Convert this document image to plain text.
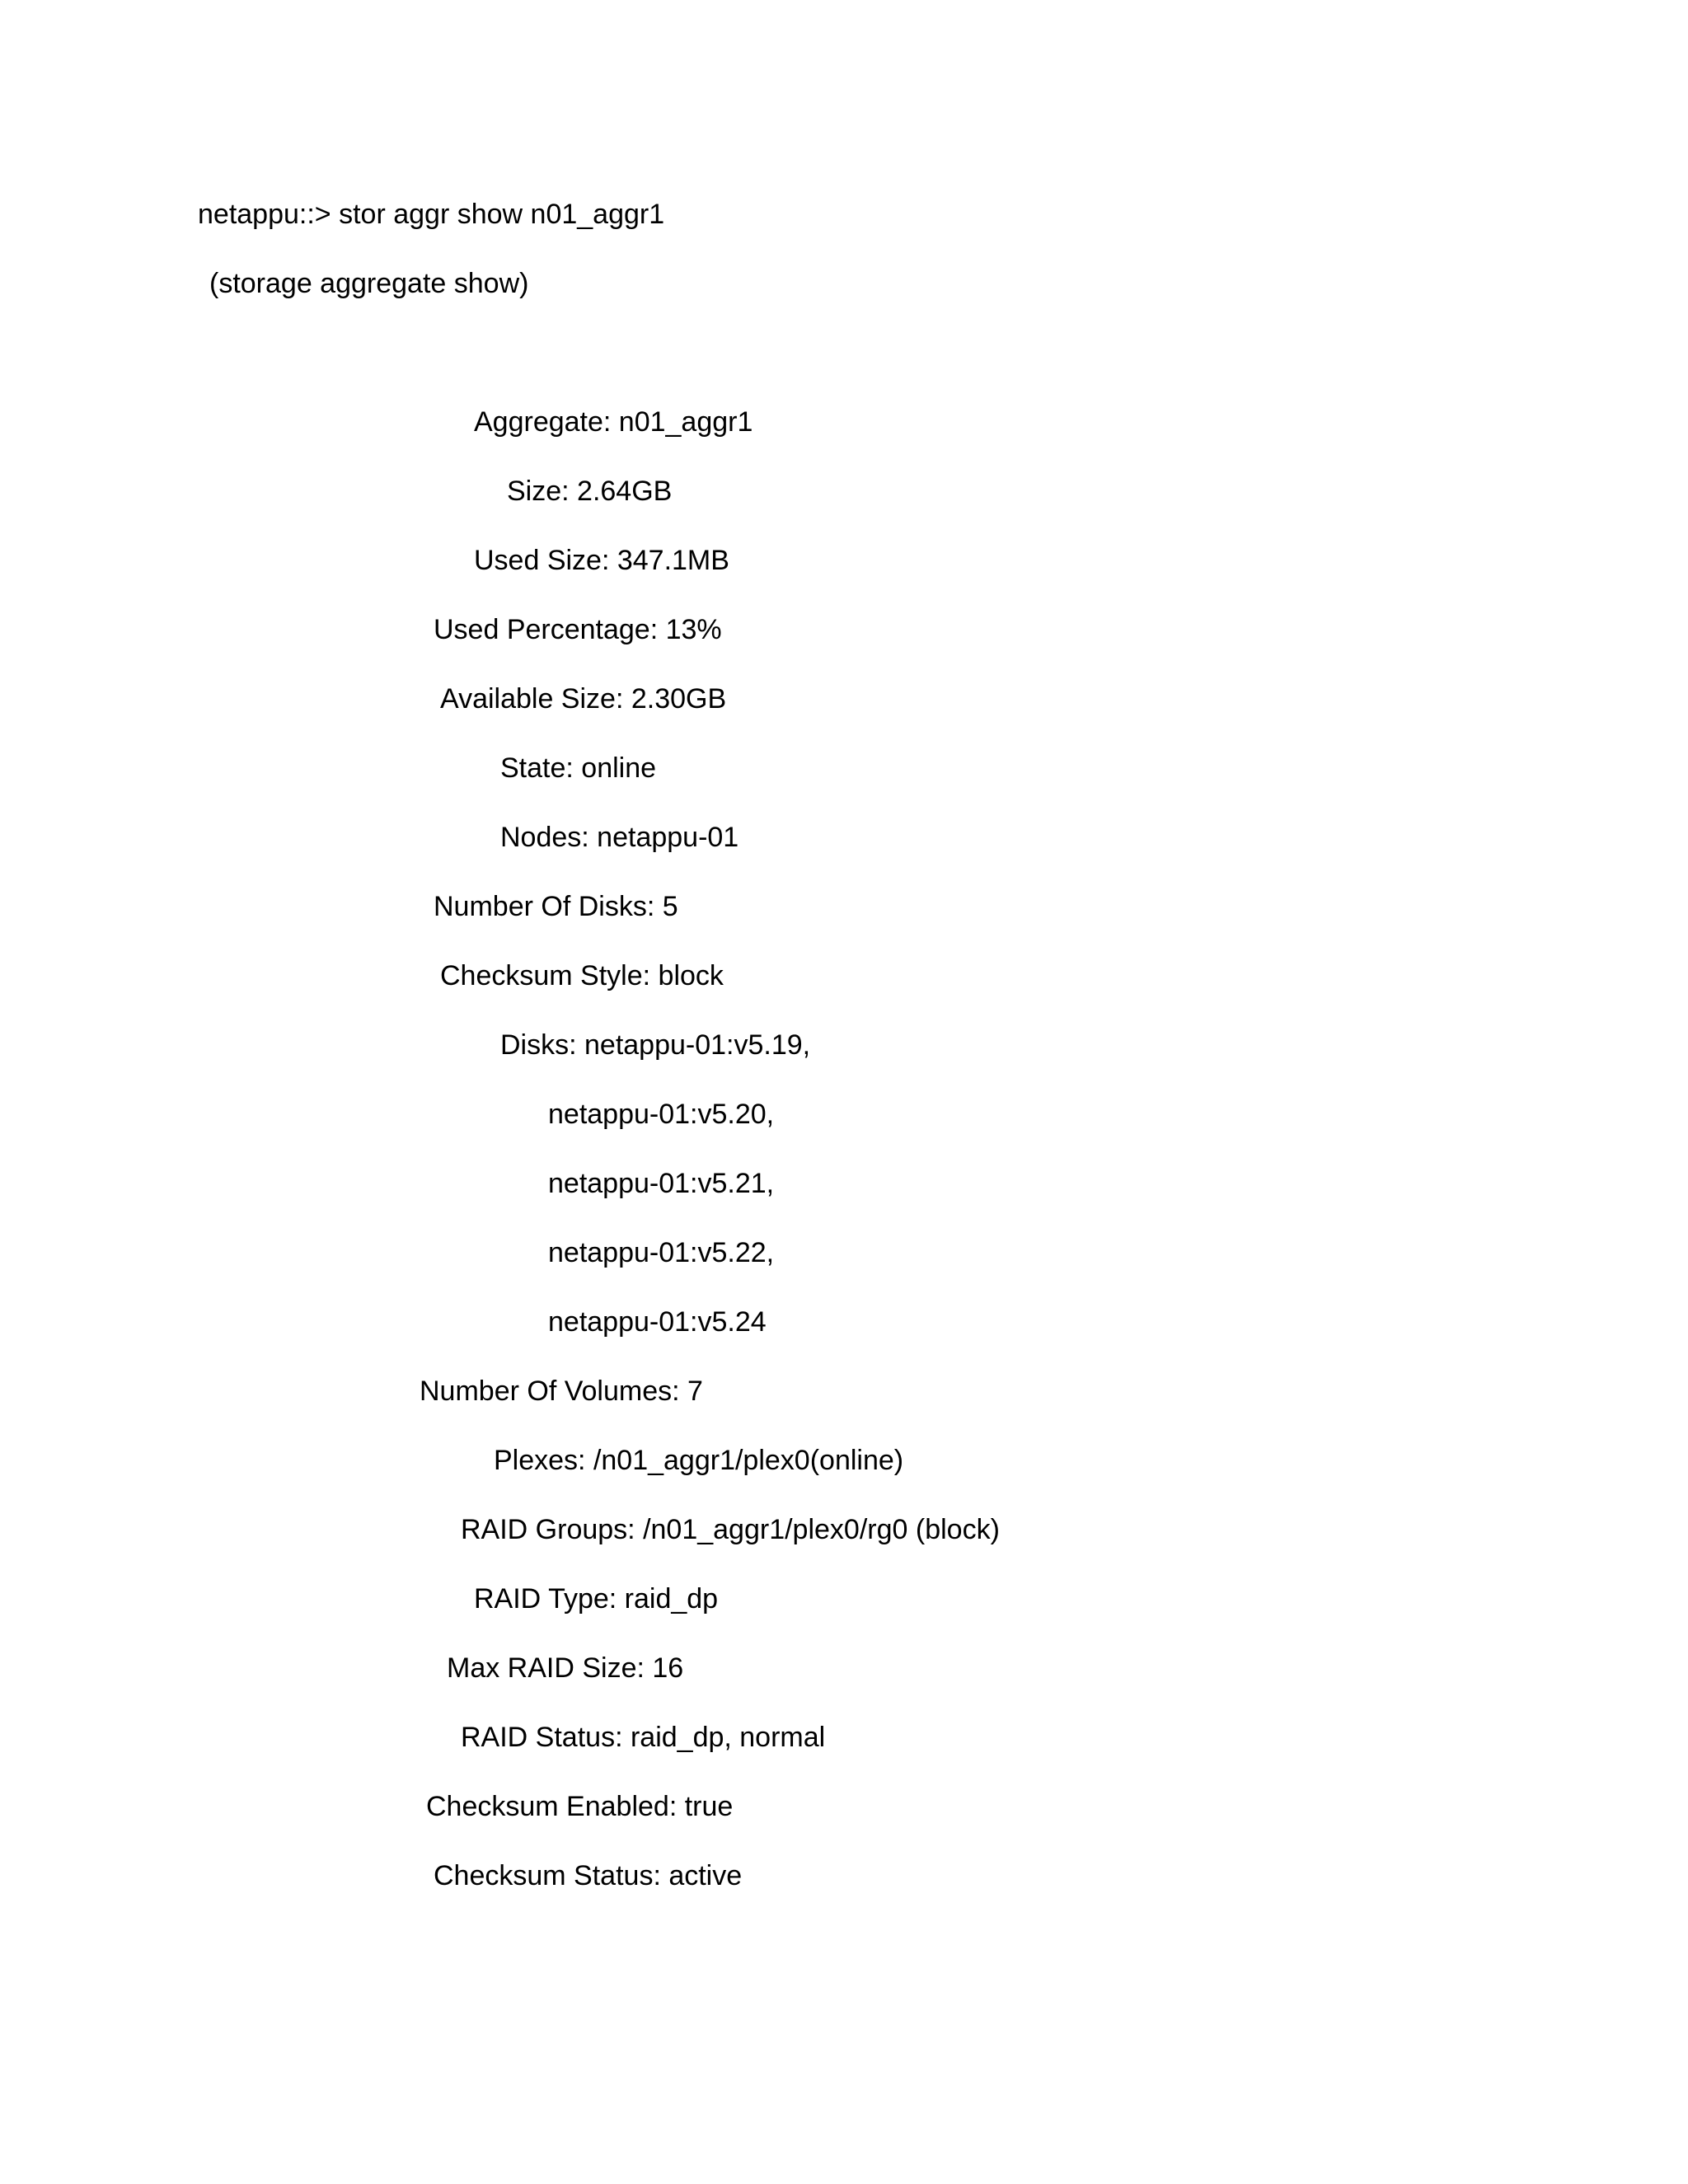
netappu::> stor aggr show n01_aggr1
(storage aggregate show)
Aggregate: n01_aggr1
Size: 2.64GB
Used Size: 347.1MB
Used Percentage: 13%
Available Size: 2.30GB
State: online
Nodes: netappu-01
Number Of Disks: 5
Checksum Style: block
Disks: netappu-01:v5.19,
netappu-01:v5.20,
netappu-01:v5.21,
netappu-01:v5.22,
netappu-01:v5.24
Number Of Volumes: 7
Plexes: /n01_aggr1/plex0(online)
RAID Groups: /n01_aggr1/plex0/rg0 (block)
RAID Type: raid_dp
Max RAID Size: 16
RAID Status: raid_dp, normal
Checksum Enabled: true
Checksum Status: active
